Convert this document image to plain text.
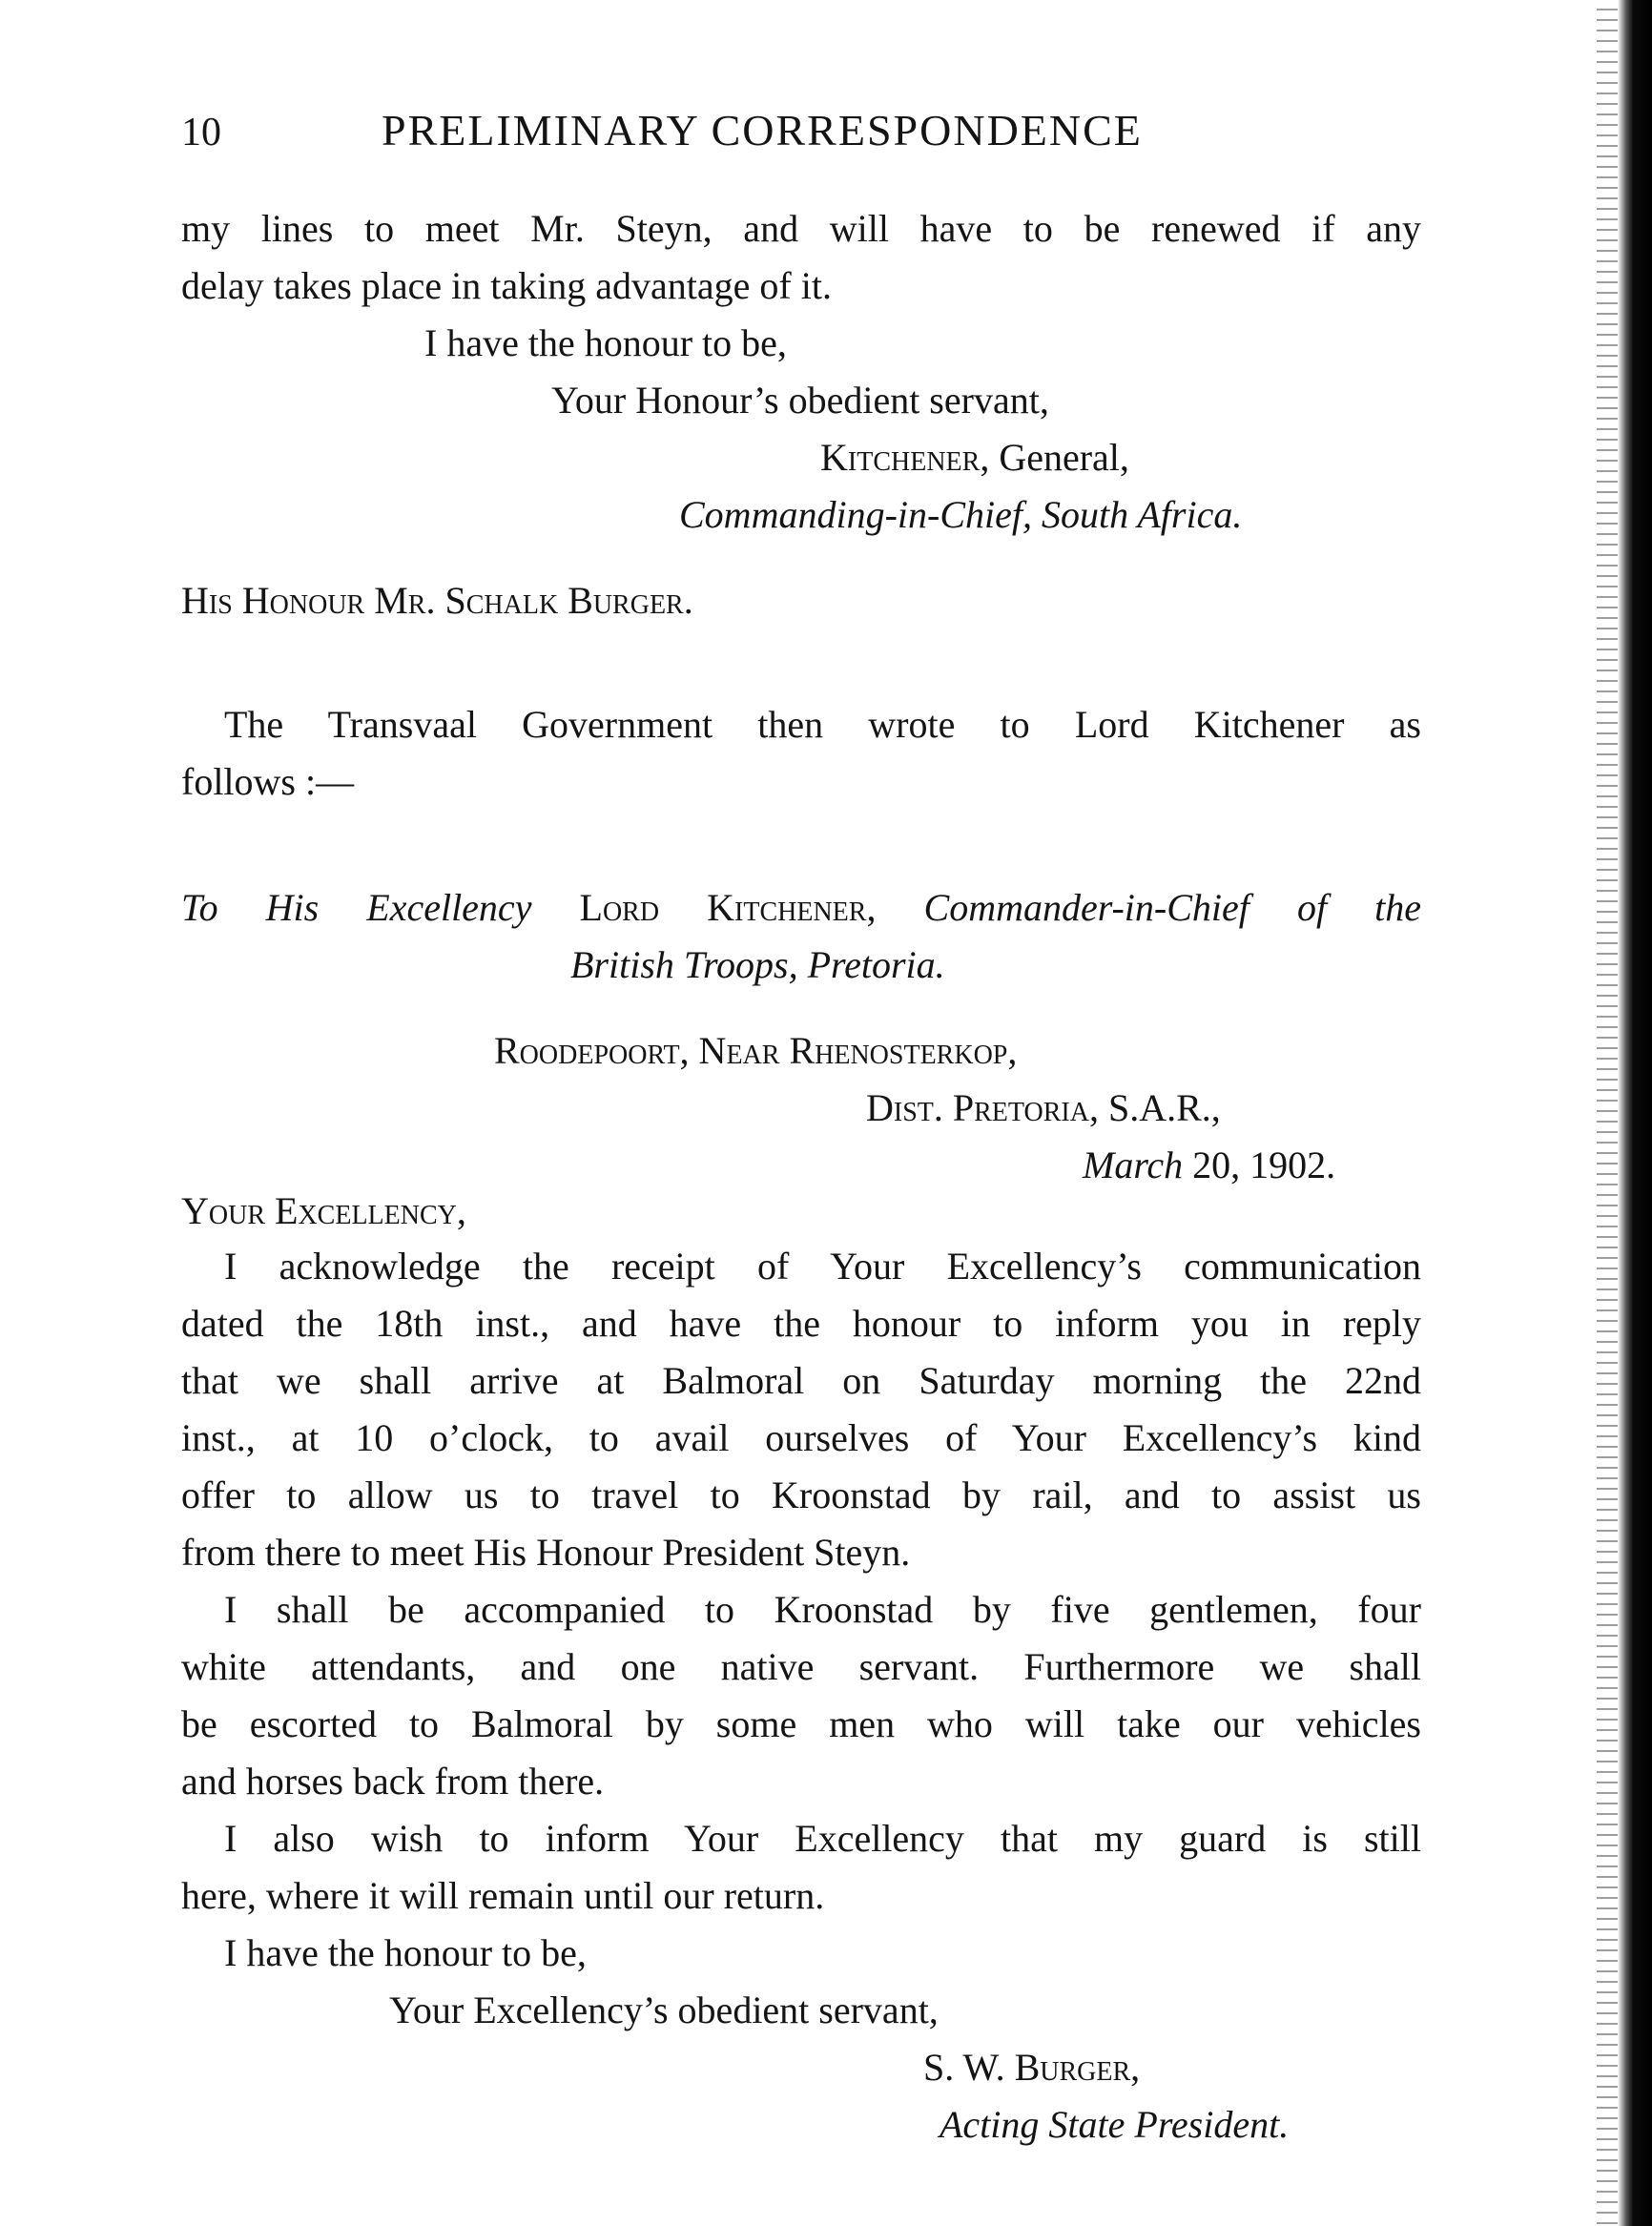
10	PRELIMINARY CORRESPONDENCE
my lines to meet Mr. Steyn, and will have to be renewed if any
delay takes place in taking advantage of it.
I have the honour to be,
Your Honour’s obedient servant,
Kitchener, General,
Commanding-in-Chief, South Africa.
His Honour Mr. Schalk Burger.
The Transvaal Government then wrote to Lord Kitchener as
follows :—
To His Excellency Lord Kitchener, Commander-in-Chief of the
British Troops, Pretoria.
Roodepoort, Near Rhenosterkop,
Dist. Pretoria, S.A.R.,
March 20, 1902.
Your Excellency,
I acknowledge the receipt of Your Excellency’s communication
dated the 18th inst., and have the honour to inform you in reply
that we shall arrive at Balmoral on Saturday morning the 22nd
inst., at 10 o’clock, to avail ourselves of Your Excellency’s kind
offer to allow us to travel to Kroonstad by rail, and to assist us
from there to meet His Honour President Steyn.
I shall be accompanied to Kroonstad by five gentlemen, four
white attendants, and one native servant. Furthermore we shall
be escorted to Balmoral by some men who will take our vehicles
and horses back from there.
I also wish to inform Your Excellency that my guard is still
here, where it will remain until our return.
I have the honour to be,
Your Excellency’s obedient servant,
S. W. Burger,
Acting State President.
